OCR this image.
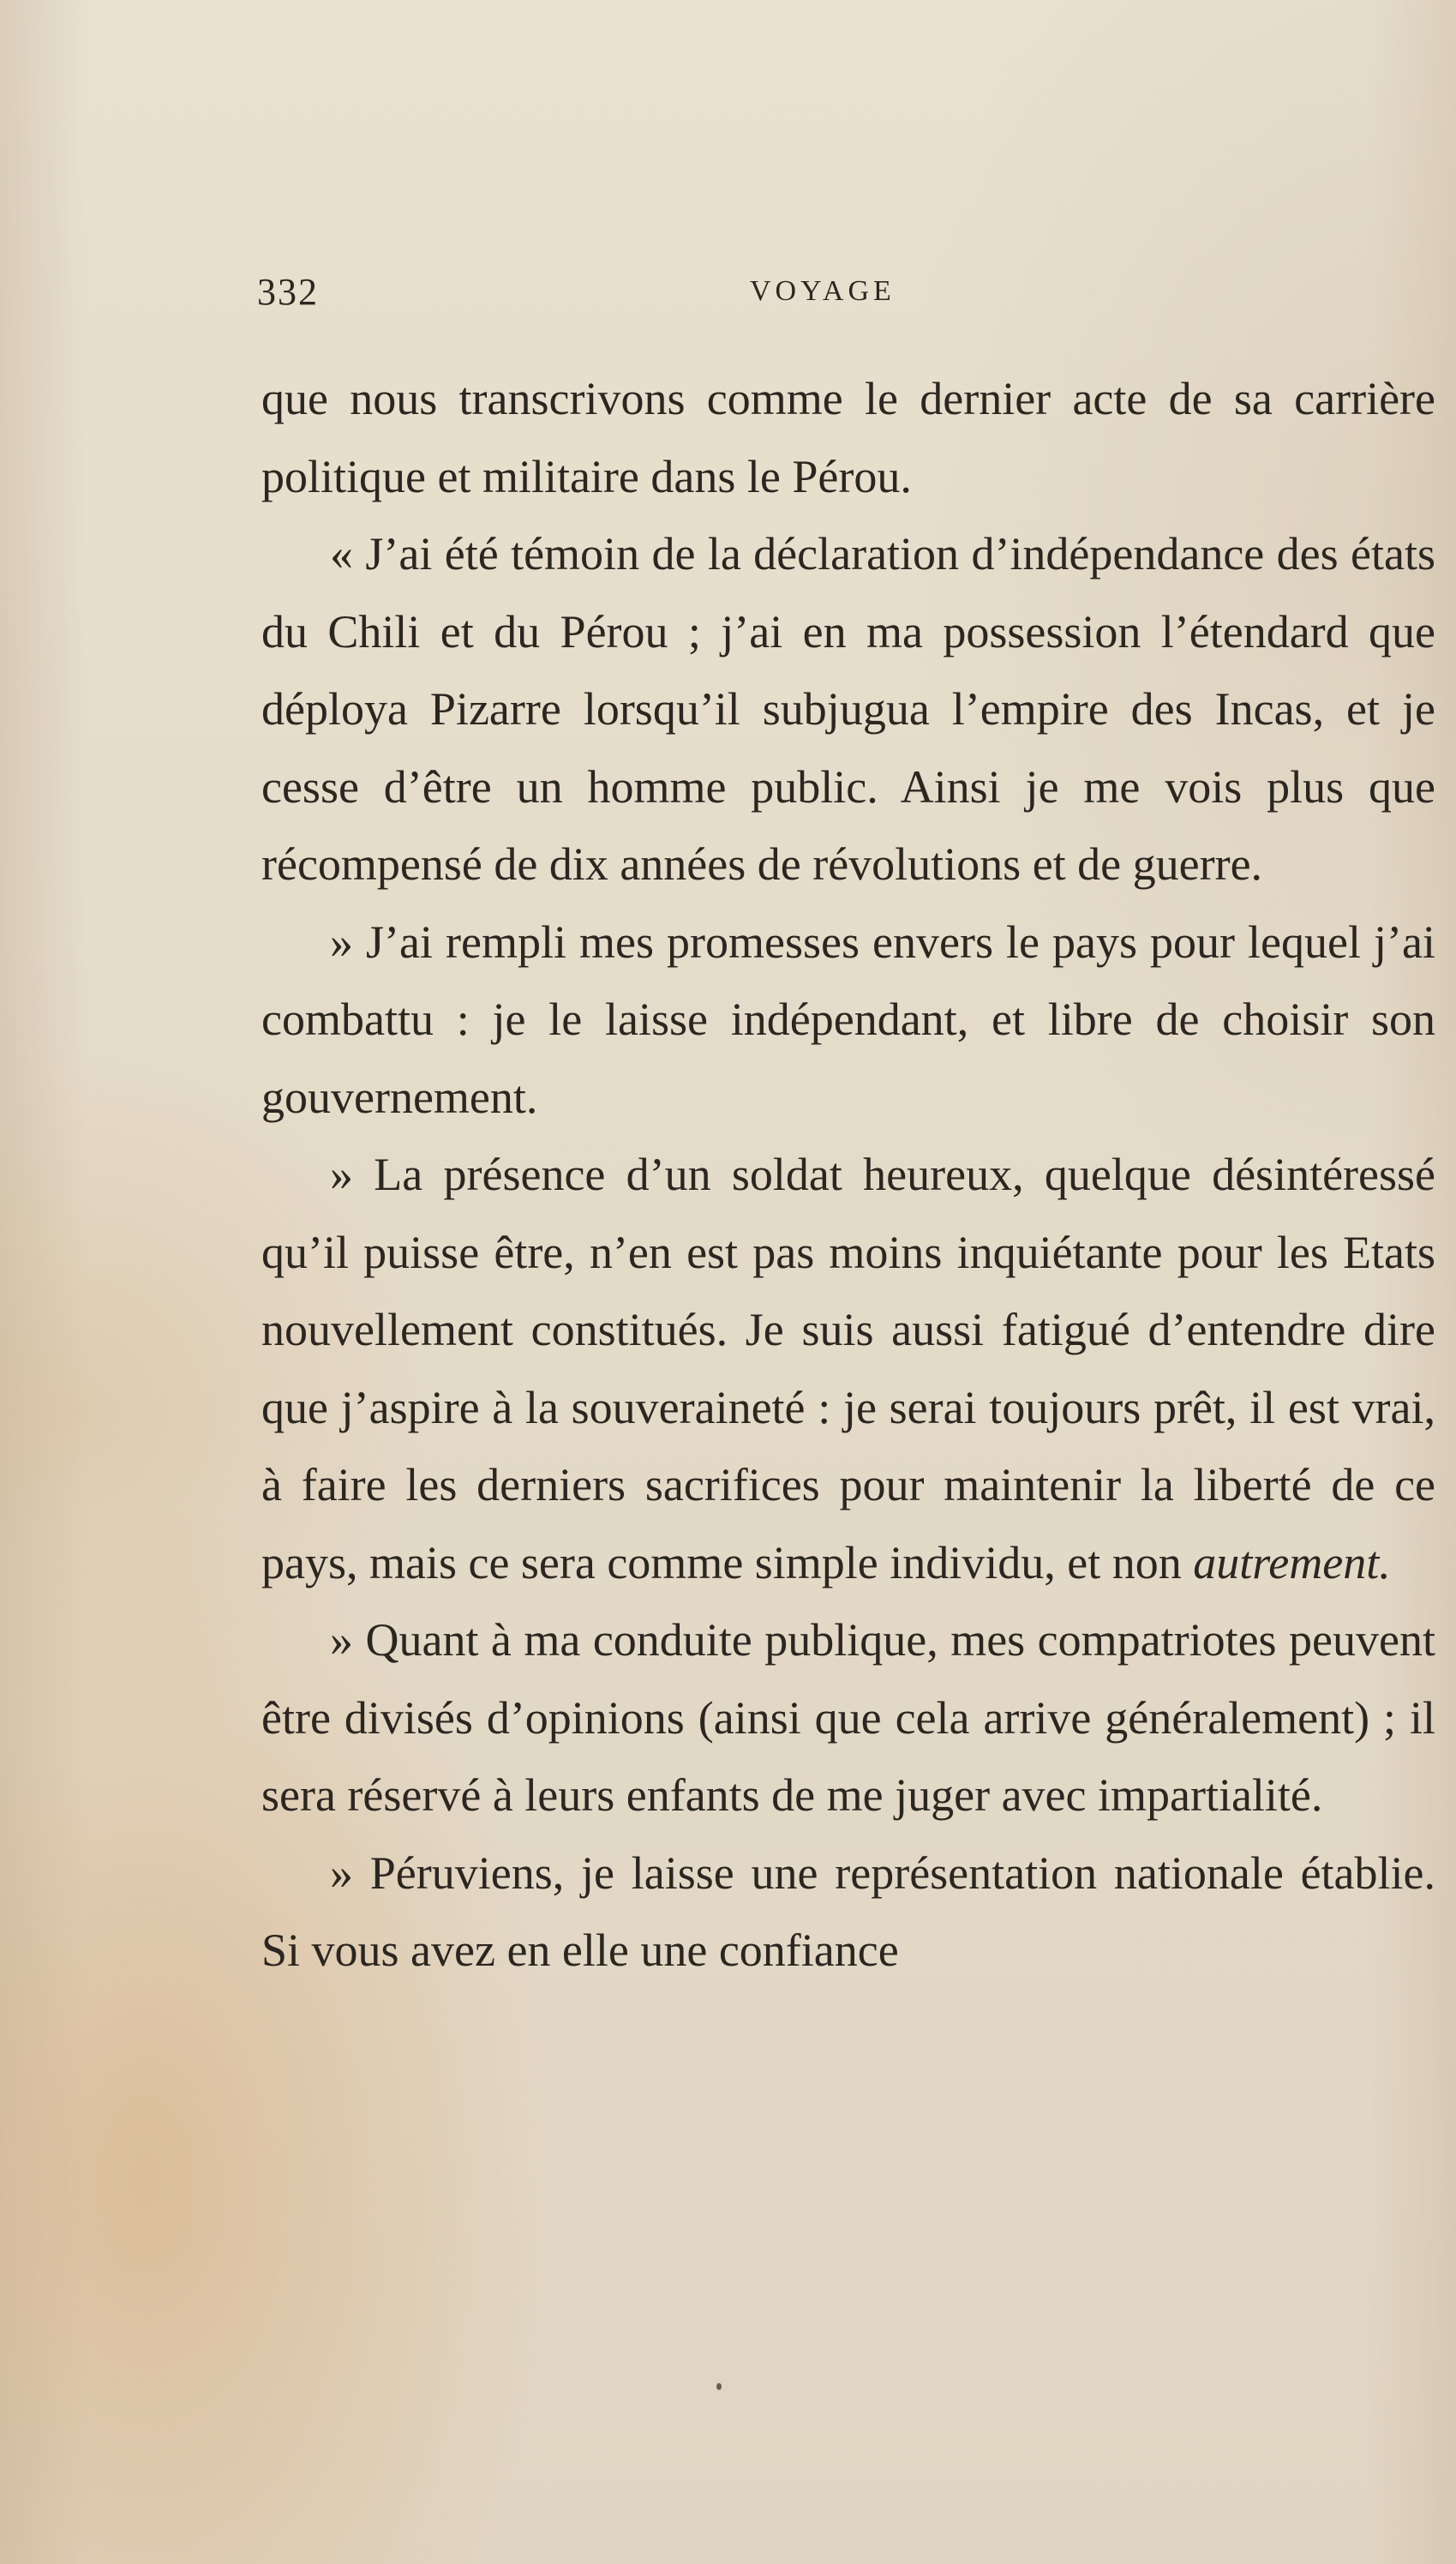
332	VOYAGE

que nous transcrivons comme le dernier acte de sa carrière politique et militaire dans le Pérou.

« J’ai été témoin de la déclaration d’indépendance des états du Chili et du Pérou ; j’ai en ma possession l’étendard que déploya Pizarre lorsqu’il subjugua l’empire des Incas, et je cesse d’être un homme public. Ainsi je me vois plus que récompensé de dix années de révolutions et de guerre.

» J’ai rempli mes promesses envers le pays pour lequel j’ai combattu : je le laisse indépendant, et libre de choisir son gouvernement.

» La présence d’un soldat heureux, quelque désintéressé qu’il puisse être, n’en est pas moins inquiétante pour les Etats nouvellement constitués. Je suis aussi fatigué d’entendre dire que j’aspire à la souveraineté : je serai toujours prêt, il est vrai, à faire les derniers sacrifices pour maintenir la liberté de ce pays, mais ce sera comme simple individu, et non autrement.

» Quant à ma conduite publique, mes compatriotes peuvent être divisés d’opinions (ainsi que cela arrive généralement) ; il sera réservé à leurs enfants de me juger avec impartialité.

» Péruviens, je laisse une représentation nationale établie. Si vous avez en elle une confiance
